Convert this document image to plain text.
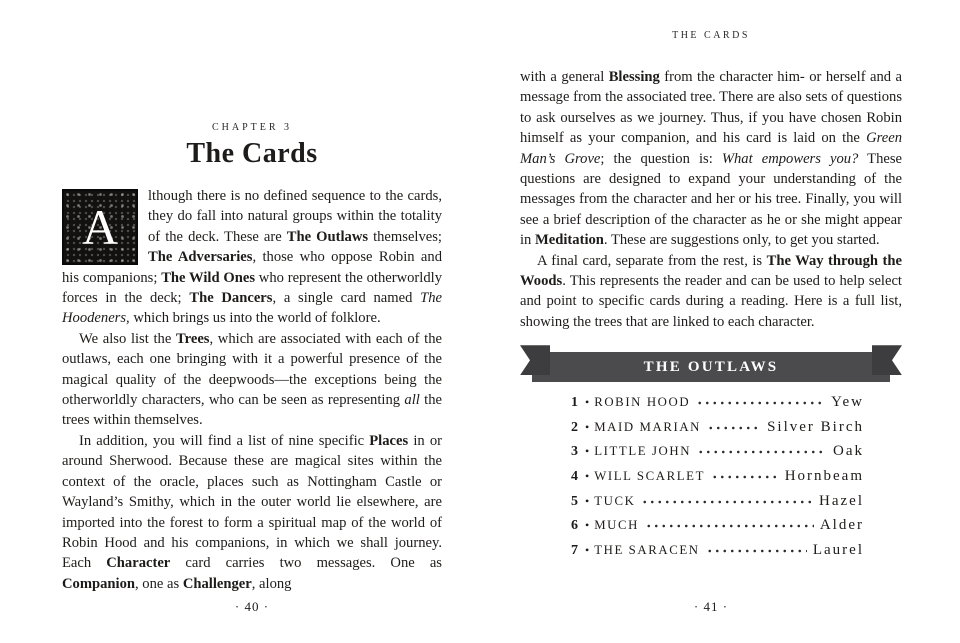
CHAPTER 3
The Cards

A
lthough there is no defined sequence to the cards, they do fall into natural groups within the totality of the deck. These are The Outlaws themselves; The Adversaries, those who oppose Robin and his companions; The Wild Ones who represent the otherworldly forces in the deck; The Dancers, a single card named The Hoodeners, which brings us into the world of folklore.

We also list the Trees, which are associated with each of the outlaws, each one bringing with it a powerful presence of the magical quality of the deepwoods—the exceptions being the otherworldly characters, who can be seen as representing all the trees within themselves.

In addition, you will find a list of nine specific Places in or around Sherwood. Because these are magical sites within the context of the oracle, places such as Nottingham Castle or Wayland’s Smithy, which in the outer world lie elsewhere, are imported into the forest to form a spiritual map of the world of Robin Hood and his companions, in which we shall journey. Each Character card carries two messages. One as Companion, one as Challenger, along

· 40 ·
THE CARDS

with a general Blessing from the character him- or herself and a message from the associated tree. There are also sets of questions to ask ourselves as we journey. Thus, if you have chosen Robin himself as your companion, and his card is laid on the Green Man’s Grove; the question is: What empowers you? These questions are designed to expand your understanding of the messages from the character and her or his tree. Finally, you will see a brief description of the character as he or she might appear in Meditation. These are suggestions only, to get you started.

A final card, separate from the rest, is The Way through the Woods. This represents the reader and can be used to help select and point to specific cards during a reading. Here is a full list, showing the trees that are linked to each character.

THE OUTLAWS
1 • ROBIN HOOD	Yew
2 • MAID MARIAN	Silver Birch
3 • LITTLE JOHN	Oak
4 • WILL SCARLET	Hornbeam
5 • TUCK	Hazel
6 • MUCH	Alder
7 • THE SARACEN	Laurel
· 41 ·
